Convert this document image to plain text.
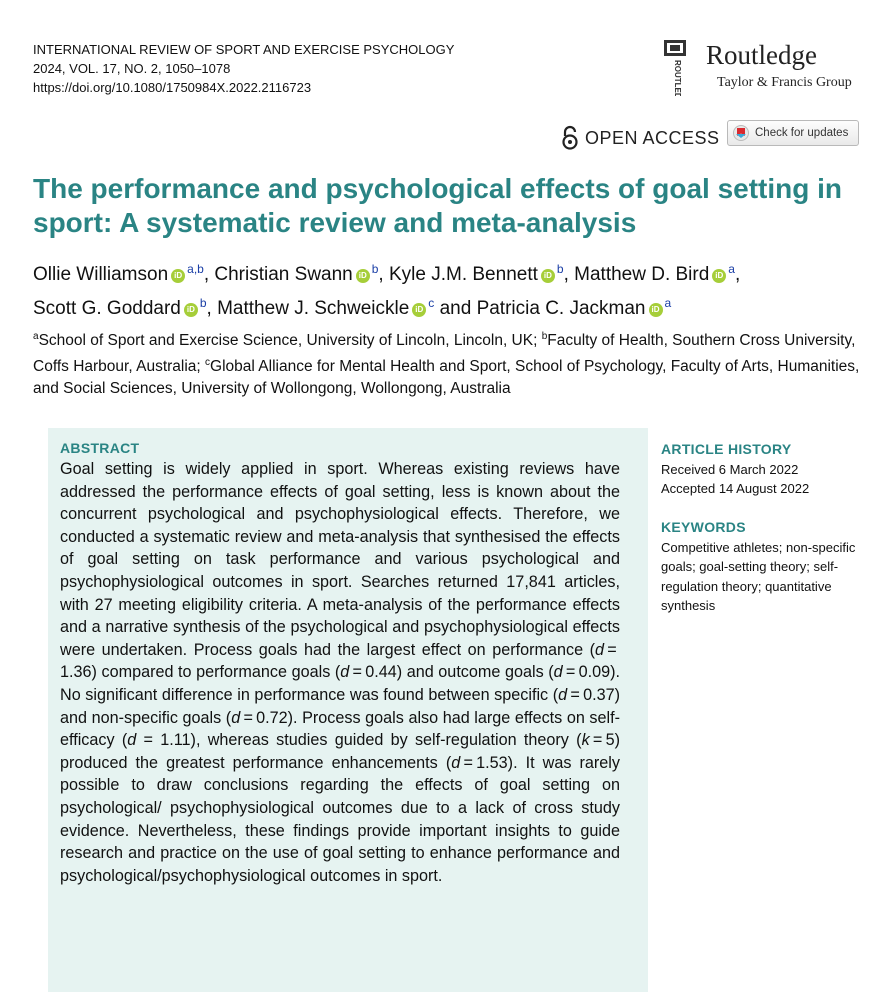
INTERNATIONAL REVIEW OF SPORT AND EXERCISE PSYCHOLOGY
2024, VOL. 17, NO. 2, 1050–1078
https://doi.org/10.1080/1750984X.2022.2116723	ROUTLEDGE
Routledge
Taylor & Francis Group
OPEN ACCESS	Check for updates
The performance and psychological effects of goal setting in sport: A systematic review and meta-analysis
Ollie Williamson iD $^{a,b}$, Christian Swann iD $^b$, Kyle J.M. Bennett iD $^b$, Matthew D. Bird iD $^a$, Scott G. Goddard iD $^b$, Matthew J. Schweickle iD $^c$ and Patricia C. Jackman iD $^a$
$^a$School of Sport and Exercise Science, University of Lincoln, Lincoln, UK; $^b$Faculty of Health, Southern Cross University, Coffs Harbour, Australia; $^c$Global Alliance for Mental Health and Sport, School of Psychology, Faculty of Arts, Humanities, and Social Sciences, University of Wollongong, Wollongong, Australia
ABSTRACT
Goal setting is widely applied in sport. Whereas existing reviews have addressed the performance effects of goal setting, less is known about the concurrent psychological and psychophysiological effects. Therefore, we conducted a systematic review and meta-analysis that synthesised the effects of goal setting on task performance and various psychological and psychophysiological outcomes in sport. Searches returned 17,841 articles, with 27 meeting eligibility criteria. A meta-analysis of the performance effects and a narrative synthesis of the psychological and psychophysiological effects were undertaken. Process goals had the largest effect on performance (d = 1.36) compared to performance goals (d = 0.44) and outcome goals (d = 0.09). No significant difference in performance was found between specific (d = 0.37) and non-specific goals (d = 0.72). Process goals also had large effects on self-efficacy (d = 1.11), whereas studies guided by self-regulation theory (k = 5) produced the greatest performance enhancements (d = 1.53). It was rarely possible to draw conclusions regarding the effects of goal setting on psychological/ psychophysiological outcomes due to a lack of cross study evidence. Nevertheless, these findings provide important insights to guide research and practice on the use of goal setting to enhance performance and psychological/psychophysiological outcomes in sport.
ARTICLE HISTORY
Received 6 March 2022
Accepted 14 August 2022
KEYWORDS
Competitive athletes; non-specific goals; goal-setting theory; self-regulation theory; quantitative synthesis
